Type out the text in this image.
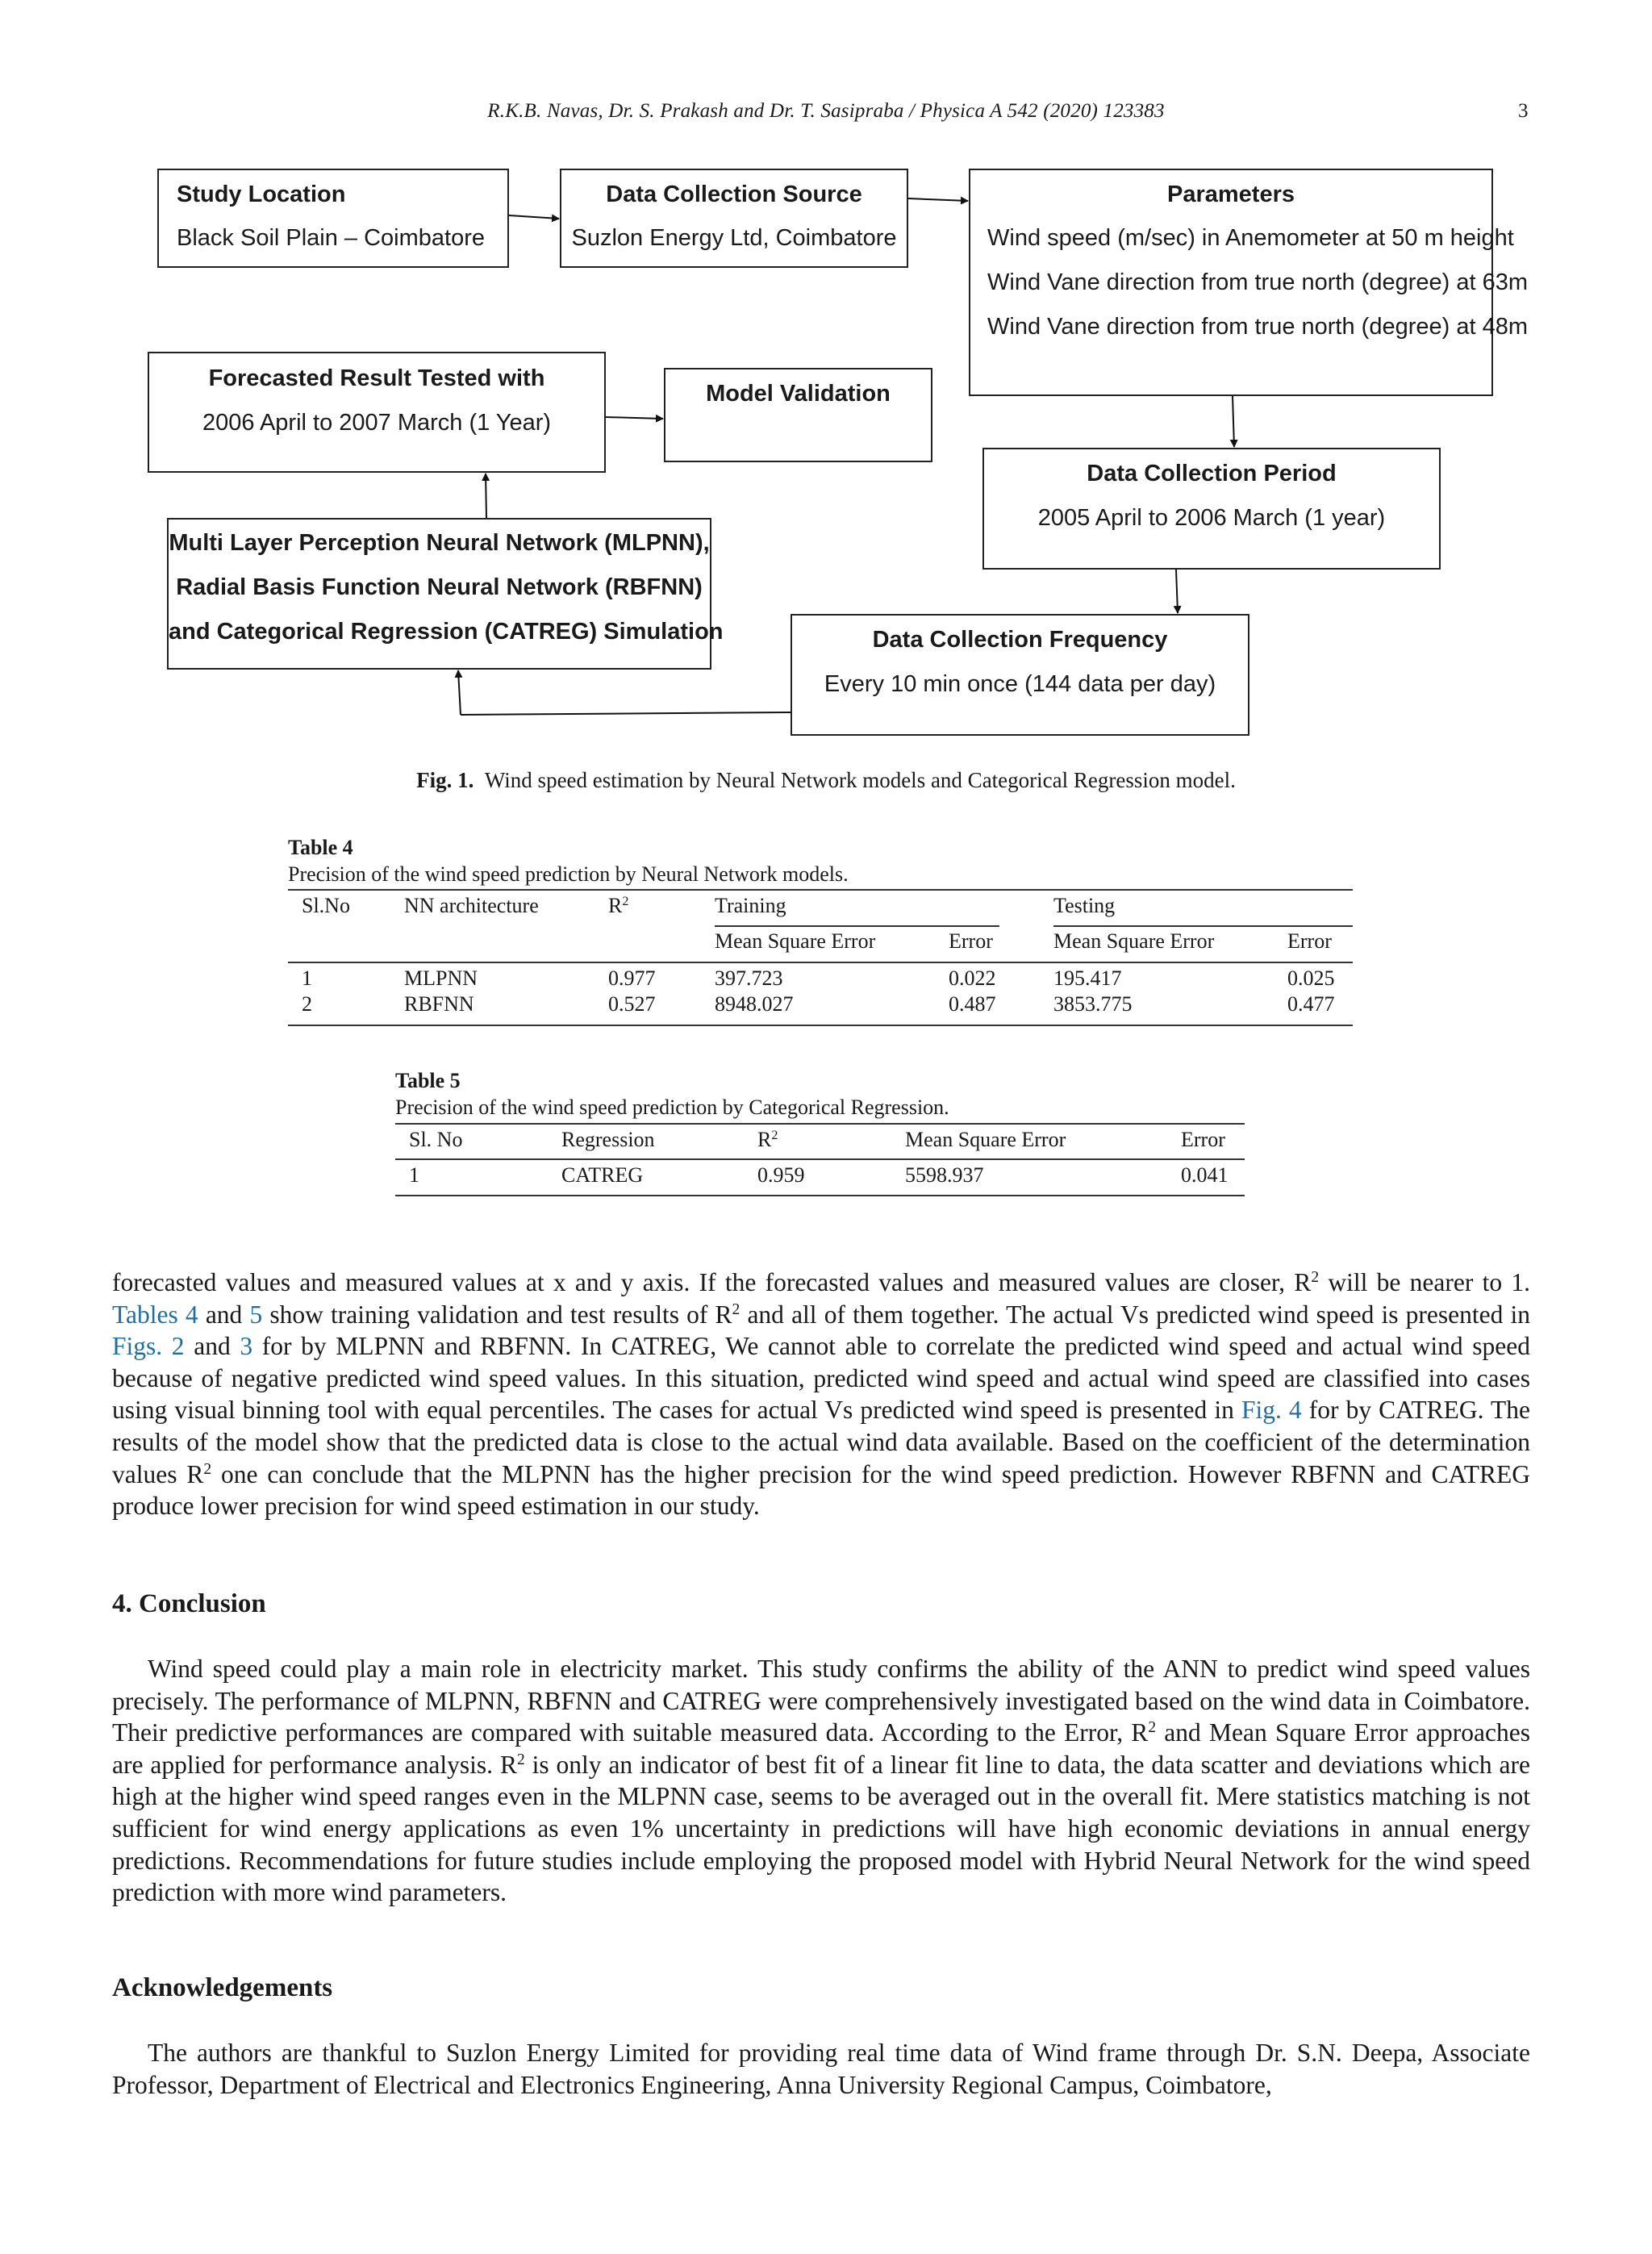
R.K.B. Navas, Dr. S. Prakash and Dr. T. Sasipraba / Physica A 542 (2020) 123383	3
Study Location
Black Soil Plain – Coimbatore
Data Collection Source
Suzlon Energy Ltd, Coimbatore
Parameters
Wind speed (m/sec) in Anemometer at 50 m height
Wind Vane direction from true north (degree) at 63m
Wind Vane direction from true north (degree) at 48m
Forecasted Result Tested with
2006 April to 2007 March (1 Year)
Model Validation
Data Collection Period
2005 April to 2006 March (1 year)
Multi Layer Perception Neural Network (MLPNN),
Radial Basis Function Neural Network (RBFNN)
and Categorical Regression (CATREG) Simulation	Data Collection Frequency
Every 10 min once (144 data per day)
Fig. 1. Wind speed estimation by Neural Network models and Categorical Regression model.
Table 4
Precision of the wind speed prediction by Neural Network models.
Sl.No	NN architecture	$R^2$	Training	Testing
Mean Square Error	Error	Mean Square Error	Error
1	MLPNN	0.977	397.723	0.022	195.417	0.025
2	RBFNN	0.527	8948.027	0.487	3853.775	0.477
Table 5
Precision of the wind speed prediction by Categorical Regression.
Sl. No	Regression	$R^2$	Mean Square Error	Error
1	CATREG	0.959	5598.937	0.041

forecasted values and measured values at x and y axis. If the forecasted values and measured values are closer, $R^2$ will be nearer to 1. Tables 4 and 5 show training validation and test results of $R^2$ and all of them together. The actual Vs predicted wind speed is presented in Figs. 2 and 3 for by MLPNN and RBFNN. In CATREG, We cannot able to correlate the predicted wind speed and actual wind speed because of negative predicted wind speed values. In this situation, predicted wind speed and actual wind speed are classified into cases using visual binning tool with equal percentiles. The cases for actual Vs predicted wind speed is presented in Fig. 4 for by CATREG. The results of the model show that the predicted data is close to the actual wind data available. Based on the coefficient of the determination values $R^2$ one can conclude that the MLPNN has the higher precision for the wind speed prediction. However RBFNN and CATREG produce lower precision for wind speed estimation in our study.

4. Conclusion

Wind speed could play a main role in electricity market. This study confirms the ability of the ANN to predict wind speed values precisely. The performance of MLPNN, RBFNN and CATREG were comprehensively investigated based on the wind data in Coimbatore. Their predictive performances are compared with suitable measured data. According to the Error, $R^2$ and Mean Square Error approaches are applied for performance analysis. $R^2$ is only an indicator of best fit of a linear fit line to data, the data scatter and deviations which are high at the higher wind speed ranges even in the MLPNN case, seems to be averaged out in the overall fit. Mere statistics matching is not sufficient for wind energy applications as even 1% uncertainty in predictions will have high economic deviations in annual energy predictions. Recommendations for future studies include employing the proposed model with Hybrid Neural Network for the wind speed prediction with more wind parameters.

Acknowledgements

The authors are thankful to Suzlon Energy Limited for providing real time data of Wind frame through Dr. S.N. Deepa, Associate Professor, Department of Electrical and Electronics Engineering, Anna University Regional Campus, Coimbatore,
